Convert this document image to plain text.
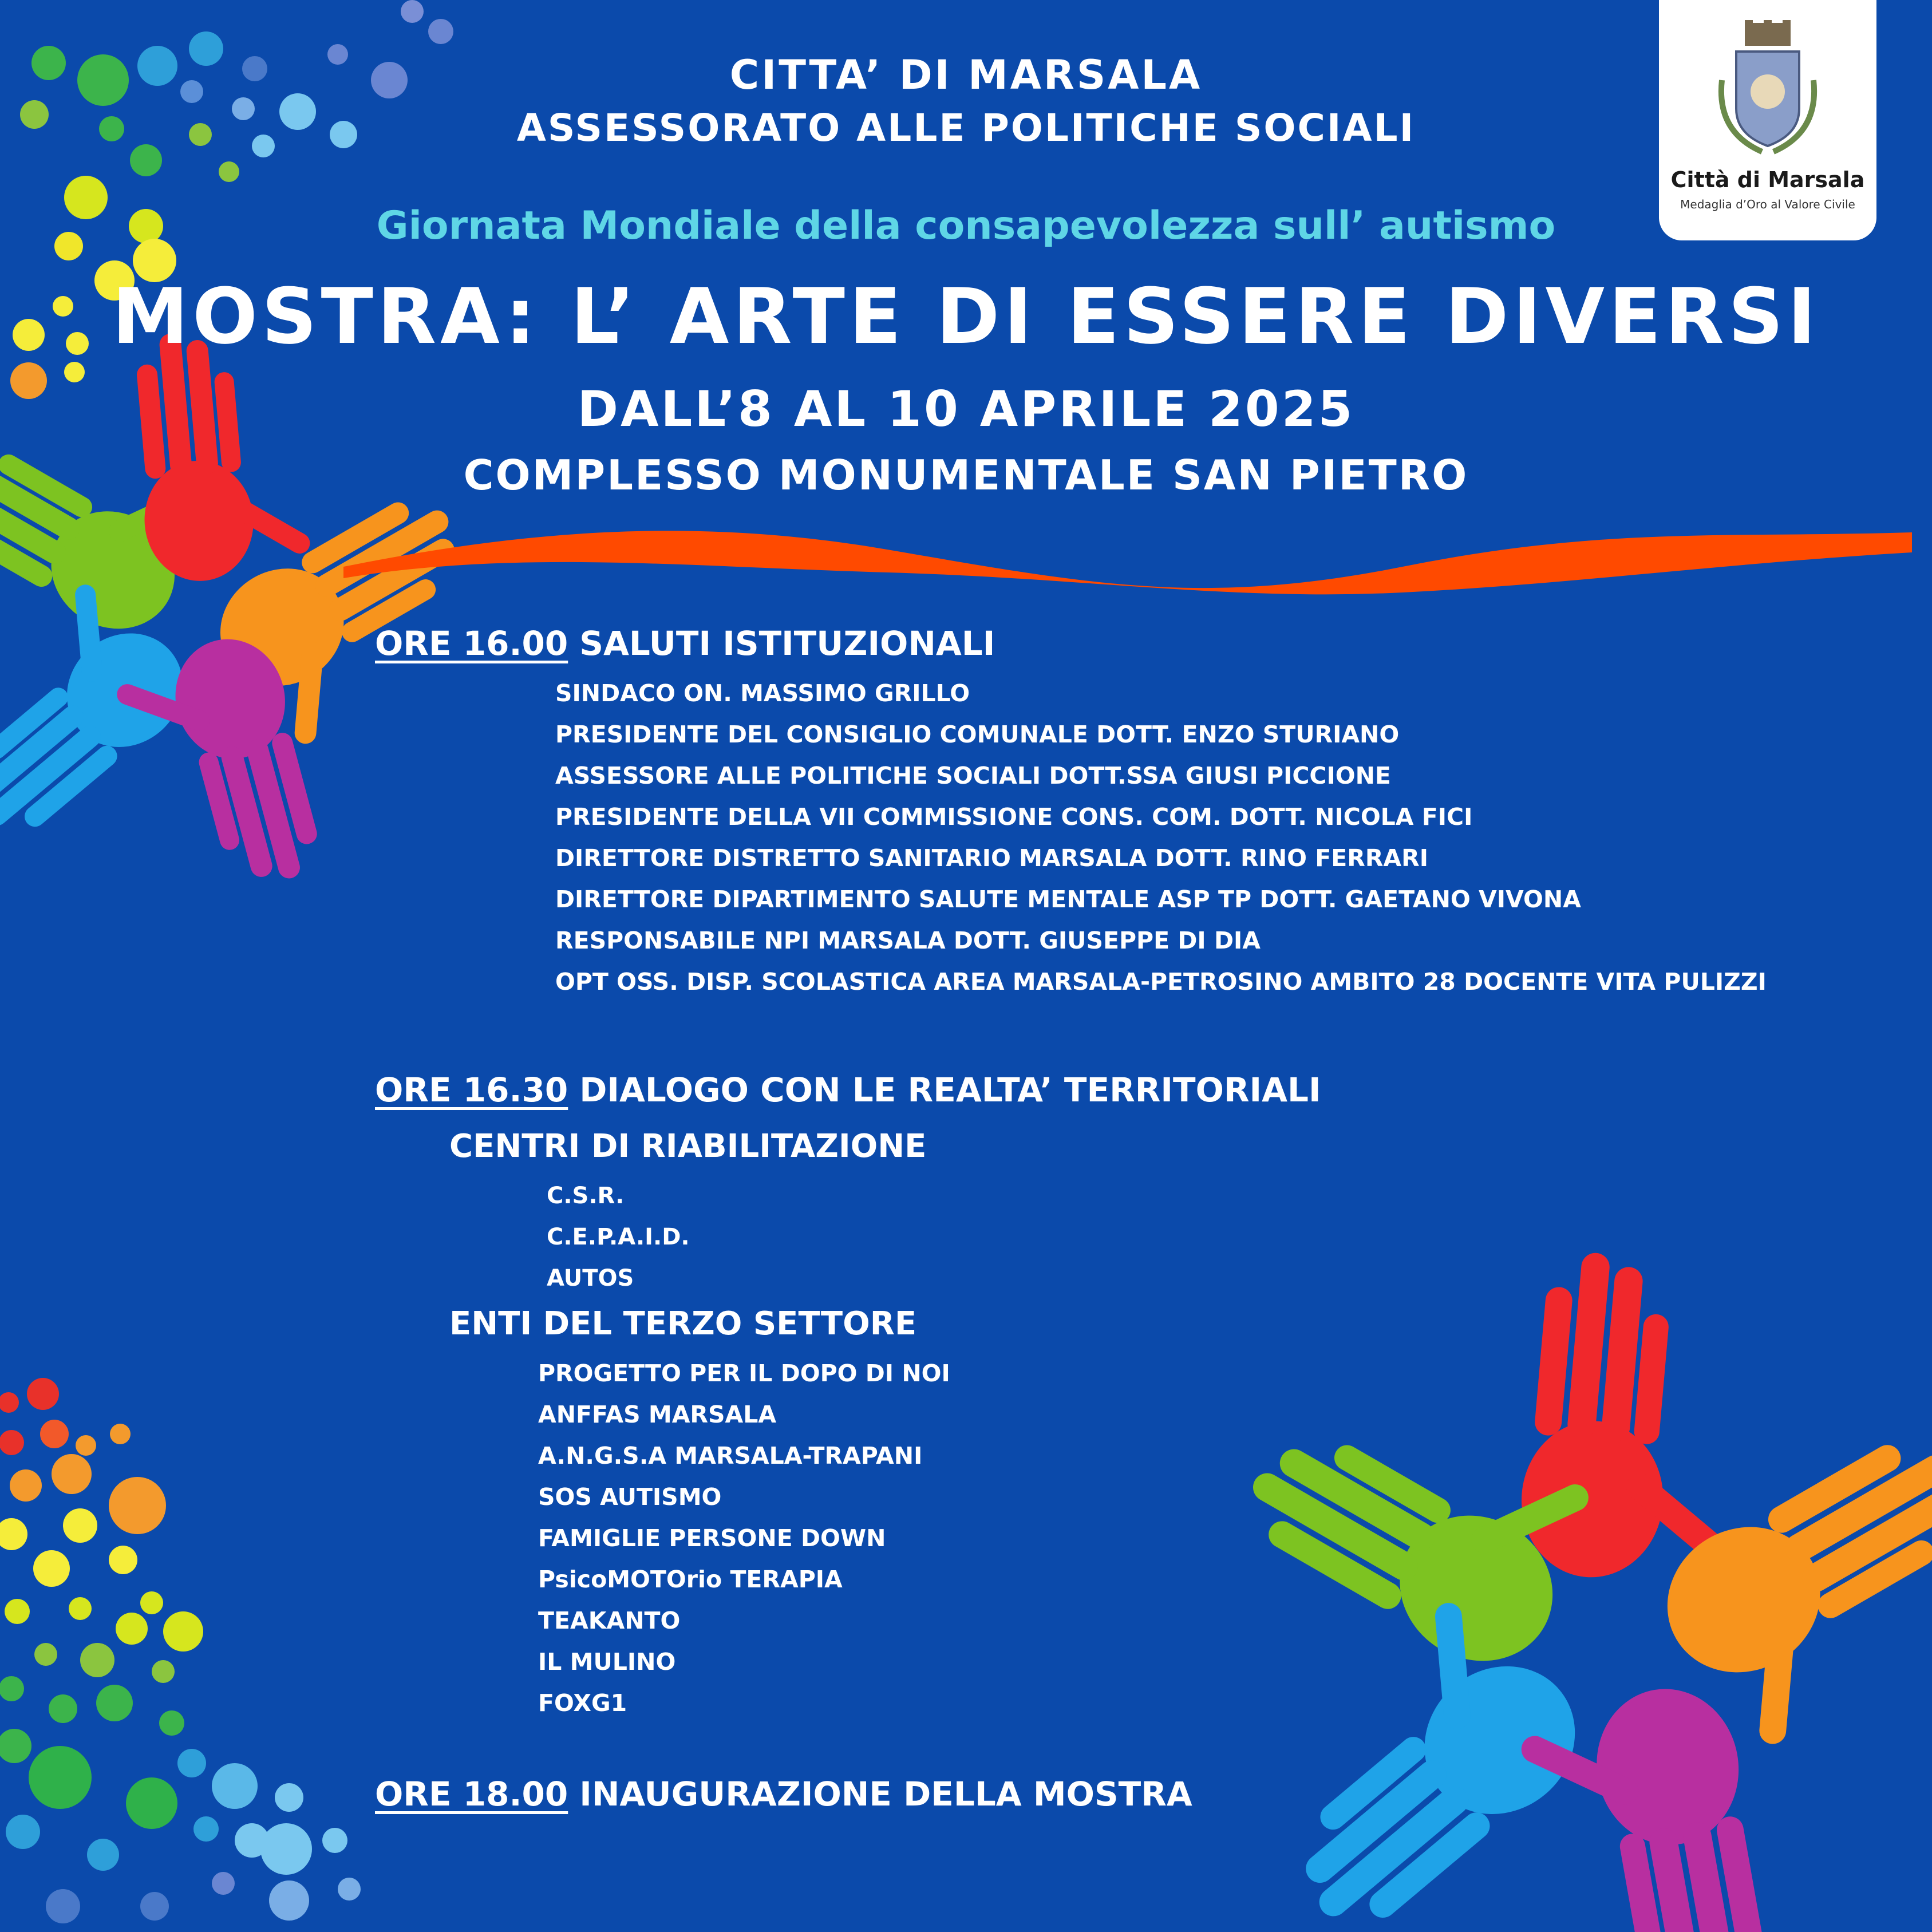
Città di Marsala
Medaglia d’Oro al Valore Civile
CITTA’ DI MARSALA
ASSESSORATO ALLE POLITICHE SOCIALI
Giornata Mondiale della consapevolezza sull’ autismo
MOSTRA: L’ ARTE DI ESSERE DIVERSI
DALL’8 AL 10 APRILE 2025
COMPLESSO MONUMENTALE SAN PIETRO
ORE 16.00 SALUTI ISTITUZIONALI
SINDACO ON. MASSIMO GRILLO
PRESIDENTE DEL CONSIGLIO COMUNALE DOTT. ENZO STURIANO
ASSESSORE ALLE POLITICHE SOCIALI DOTT.SSA GIUSI PICCIONE
PRESIDENTE DELLA VII COMMISSIONE CONS. COM. DOTT. NICOLA FICI
DIRETTORE DISTRETTO SANITARIO MARSALA DOTT. RINO FERRARI
DIRETTORE DIPARTIMENTO SALUTE MENTALE ASP TP DOTT. GAETANO VIVONA
RESPONSABILE NPI MARSALA DOTT. GIUSEPPE DI DIA
OPT OSS. DISP. SCOLASTICA AREA MARSALA-PETROSINO AMBITO 28 DOCENTE VITA PULIZZI
ORE 16.30 DIALOGO CON LE REALTA’ TERRITORIALI
CENTRI DI RIABILITAZIONE
C.S.R.
C.E.P.A.I.D.
AUTOS
ENTI DEL TERZO SETTORE
PROGETTO PER IL DOPO DI NOI
ANFFAS MARSALA
A.N.G.S.A MARSALA-TRAPANI
SOS AUTISMO
FAMIGLIE PERSONE DOWN
PsicoMOTOrio TERAPIA
TEAKANTO
IL MULINO
FOXG1
ORE 18.00 INAUGURAZIONE DELLA MOSTRA
